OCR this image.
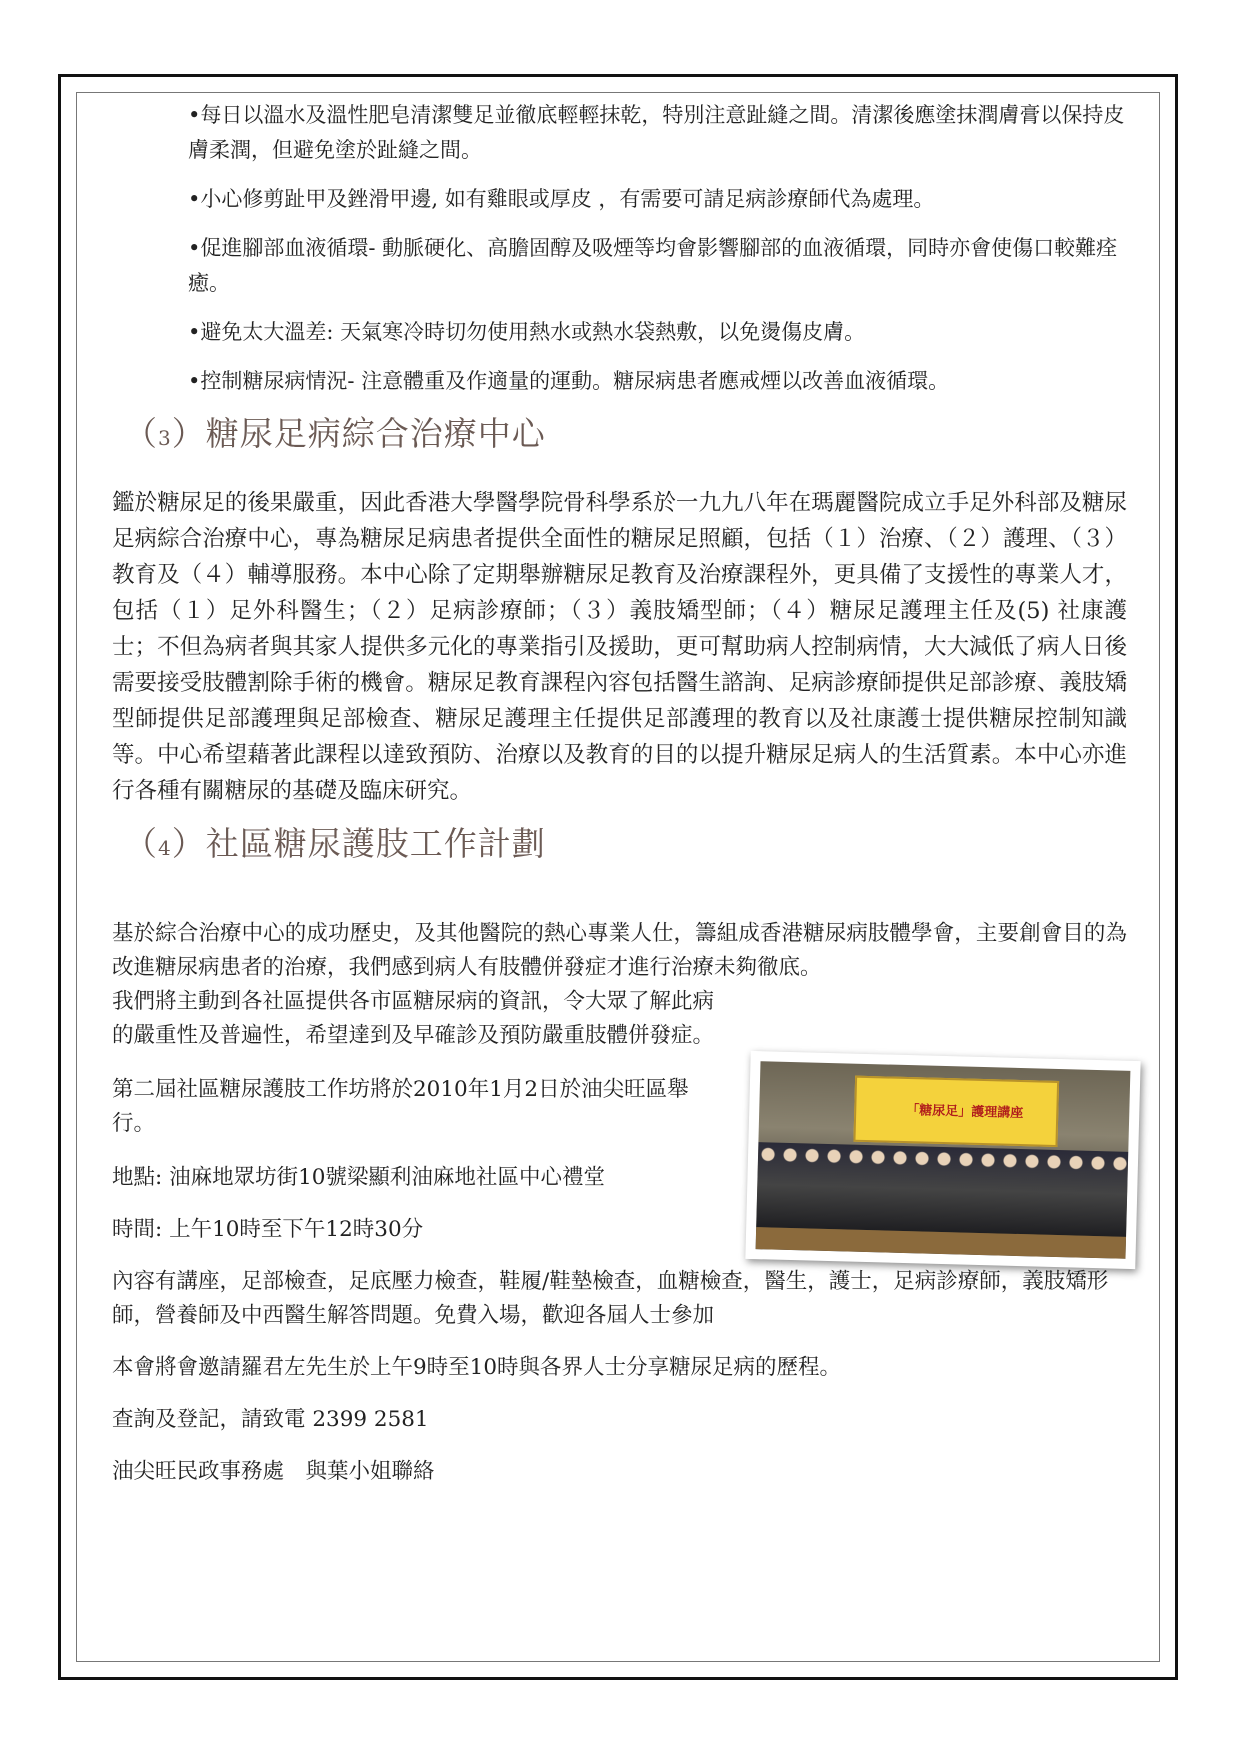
•每日以溫水及溫性肥皂清潔雙足並徹底輕輕抹乾，特別注意趾縫之間。清潔後應塗抹潤膚膏以保持皮膚柔潤，但避免塗於趾縫之間。

•小心修剪趾甲及銼滑甲邊, 如有雞眼或厚皮 ，有需要可請足病診療師代為處理。

•促進腳部血液循環- 動脈硬化、高膽固醇及吸煙等均會影響腳部的血液循環，同時亦會使傷口較難痊癒。

•避免太大溫差: 天氣寒冷時切勿使用熱水或熱水袋熱敷，以免燙傷皮膚。

•控制糖尿病情況- 注意體重及作適量的運動。糖尿病患者應戒煙以改善血液循環。

（3）糖尿足病綜合治療中心

鑑於糖尿足的後果嚴重，因此香港大學醫學院骨科學系於一九九八年在瑪麗醫院成立手足外科部及糖尿足病綜合治療中心，專為糖尿足病患者提供全面性的糖尿足照顧，包括（１）治療、（２）護理、（３）教育及（４）輔導服務。本中心除了定期舉辦糖尿足教育及治療課程外，更具備了支援性的專業人才，包括（１）足外科醫生；（２）足病診療師；（３）義肢矯型師；（４）糖尿足護理主任及(5) 社康護士；不但為病者與其家人提供多元化的專業指引及援助，更可幫助病人控制病情，大大減低了病人日後需要接受肢體割除手術的機會。糖尿足教育課程內容包括醫生諮詢、足病診療師提供足部診療、義肢矯型師提供足部護理與足部檢查、糖尿足護理主任提供足部護理的教育以及社康護士提供糖尿控制知識等。中心希望藉著此課程以達致預防、治療以及教育的目的以提升糖尿足病人的生活質素。本中心亦進行各種有關糖尿的基礎及臨床研究。

（4）社區糖尿護肢工作計劃

基於綜合治療中心的成功歷史，及其他醫院的熱心專業人仕，籌組成香港糖尿病肢體學會，主要創會目的為改進糖尿病患者的治療，我們感到病人有肢體併發症才進行治療未夠徹底。

我們將主動到各社區提供各市區糖尿病的資訊，令大眾了解此病的嚴重性及普遍性，希望達到及早確診及預防嚴重肢體併發症。

第二屆社區糖尿護肢工作坊將於2010年1月2日於油尖旺區舉行。

地點: 油麻地眾坊街10號梁顯利油麻地社區中心禮堂

時間: 上午10時至下午12時30分

內容有講座，足部檢查，足底壓力檢查，鞋履/鞋墊檢查，血糖檢查，醫生，護士，足病診療師，義肢矯形師，營養師及中西醫生解答問題。免費入場，歡迎各屆人士參加

本會將會邀請羅君左先生於上午9時至10時與各界人士分享糖尿足病的歷程。

查詢及登記，請致電 2399 2581

油尖旺民政事務處　與葉小姐聯絡

「糖尿足」護理講座
